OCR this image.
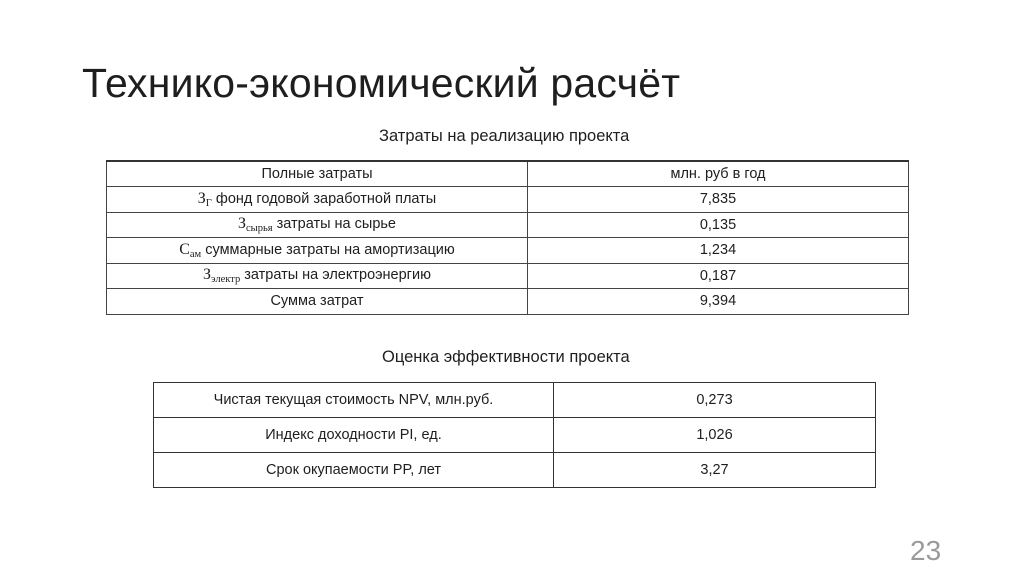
Технико-экономический расчёт

Затраты на реализацию проекта

Полные затраты	млн. руб в год
$З_Г$ фонд годовой заработной платы	7,835
$З_{сырья}$ затраты на сырье	0,135
$С_{ам}$ суммарные затраты на амортизацию	1,234
$З_{электр}$ затраты на электроэнергию	0,187
Сумма затрат	9,394

Оценка эффективности проекта

Чистая текущая стоимость NPV, млн.руб.	0,273
Индекс доходности PI, ед.	1,026
Срок окупаемости PP, лет	3,27
23
